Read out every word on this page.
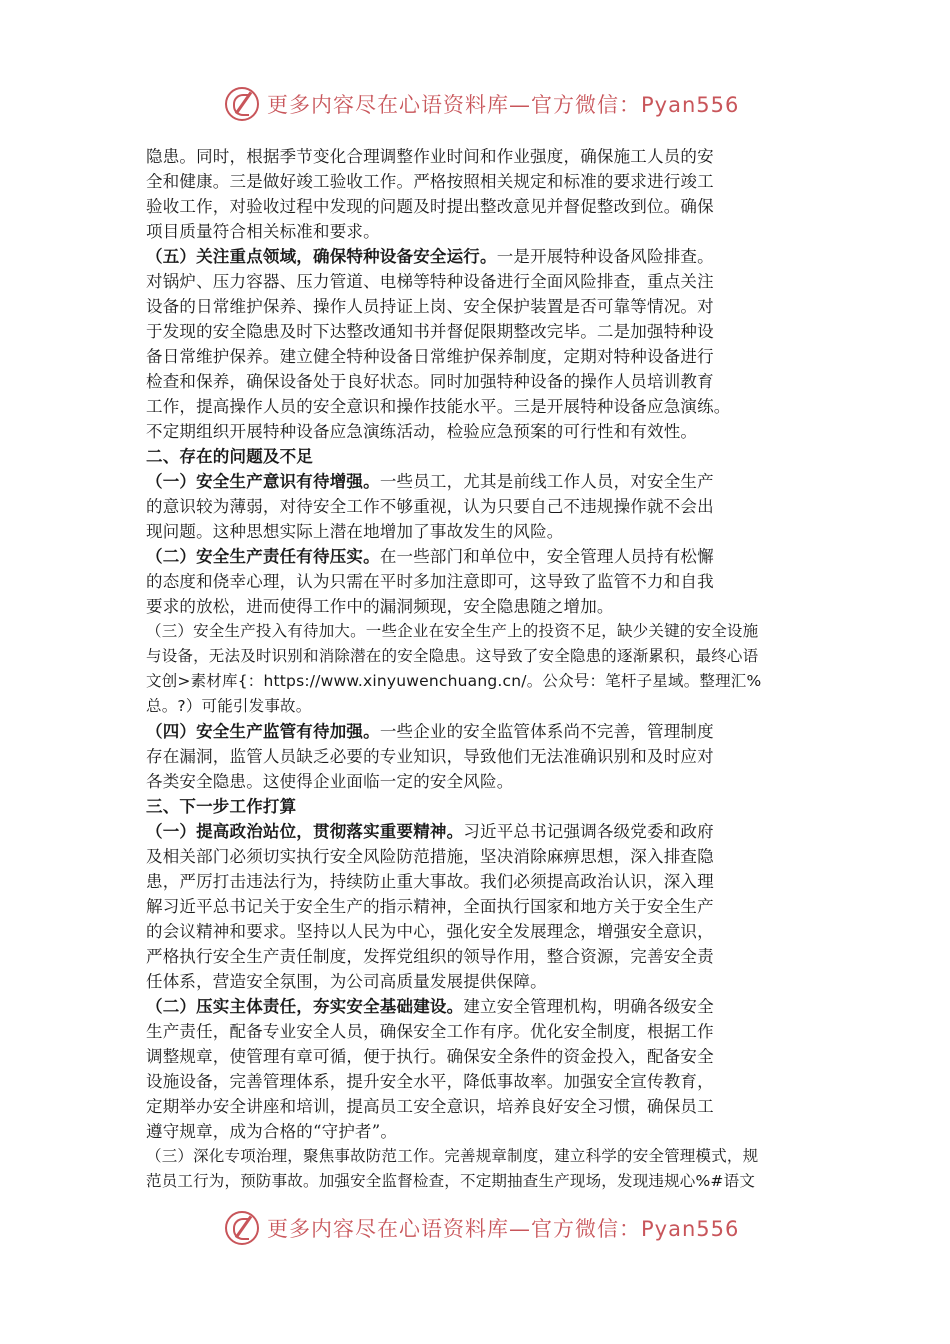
更多内容尽在心语资料库—官方微信：Pyan556
隐患。同时，根据季节变化合理调整作业时间和作业强度，确保施工人员的安
全和健康。三是做好竣工验收工作。严格按照相关规定和标准的要求进行竣工
验收工作，对验收过程中发现的问题及时提出整改意见并督促整改到位。确保
项目质量符合相关标准和要求。
（五）关注重点领域，确保特种设备安全运行。一是开展特种设备风险排查。
对锅炉、压力容器、压力管道、电梯等特种设备进行全面风险排查，重点关注
设备的日常维护保养、操作人员持证上岗、安全保护装置是否可靠等情况。对
于发现的安全隐患及时下达整改通知书并督促限期整改完毕。二是加强特种设
备日常维护保养。建立健全特种设备日常维护保养制度，定期对特种设备进行
检查和保养，确保设备处于良好状态。同时加强特种设备的操作人员培训教育
工作，提高操作人员的安全意识和操作技能水平。三是开展特种设备应急演练。
不定期组织开展特种设备应急演练活动，检验应急预案的可行性和有效性。
二、存在的问题及不足
（一）安全生产意识有待增强。一些员工，尤其是前线工作人员，对安全生产
的意识较为薄弱，对待安全工作不够重视，认为只要自己不违规操作就不会出
现问题。这种思想实际上潜在地增加了事故发生的风险。
（二）安全生产责任有待压实。在一些部门和单位中，安全管理人员持有松懈
的态度和侥幸心理，认为只需在平时多加注意即可，这导致了监管不力和自我
要求的放松，进而使得工作中的漏洞频现，安全隐患随之增加。
（三）安全生产投入有待加大。一些企业在安全生产上的投资不足，缺少关键的安全设施
与设备，无法及时识别和消除潜在的安全隐患。这导致了安全隐患的逐渐累积，最终心语
文创>素材库{：https://www.xinyuwenchuang.cn/。公众号：笔杆子星域。整理汇%
总。?）可能引发事故。
（四）安全生产监管有待加强。一些企业的安全监管体系尚不完善，管理制度
存在漏洞，监管人员缺乏必要的专业知识，导致他们无法准确识别和及时应对
各类安全隐患。这使得企业面临一定的安全风险。
三、下一步工作打算
（一）提高政治站位，贯彻落实重要精神。习近平总书记强调各级党委和政府
及相关部门必须切实执行安全风险防范措施，坚决消除麻痹思想，深入排查隐
患，严厉打击违法行为，持续防止重大事故。我们必须提高政治认识，深入理
解习近平总书记关于安全生产的指示精神，全面执行国家和地方关于安全生产
的会议精神和要求。坚持以人民为中心，强化安全发展理念，增强安全意识，
严格执行安全生产责任制度，发挥党组织的领导作用，整合资源，完善安全责
任体系，营造安全氛围，为公司高质量发展提供保障。
（二）压实主体责任，夯实安全基础建设。建立安全管理机构，明确各级安全
生产责任，配备专业安全人员，确保安全工作有序。优化安全制度，根据工作
调整规章，使管理有章可循，便于执行。确保安全条件的资金投入，配备安全
设施设备，完善管理体系，提升安全水平，降低事故率。加强安全宣传教育，
定期举办安全讲座和培训，提高员工安全意识，培养良好安全习惯，确保员工
遵守规章，成为合格的“守护者”。
（三）深化专项治理，聚焦事故防范工作。完善规章制度，建立科学的安全管理模式，规
范员工行为，预防事故。加强安全监督检查，不定期抽查生产现场，发现违规心%#语文
更多内容尽在心语资料库—官方微信：Pyan556
